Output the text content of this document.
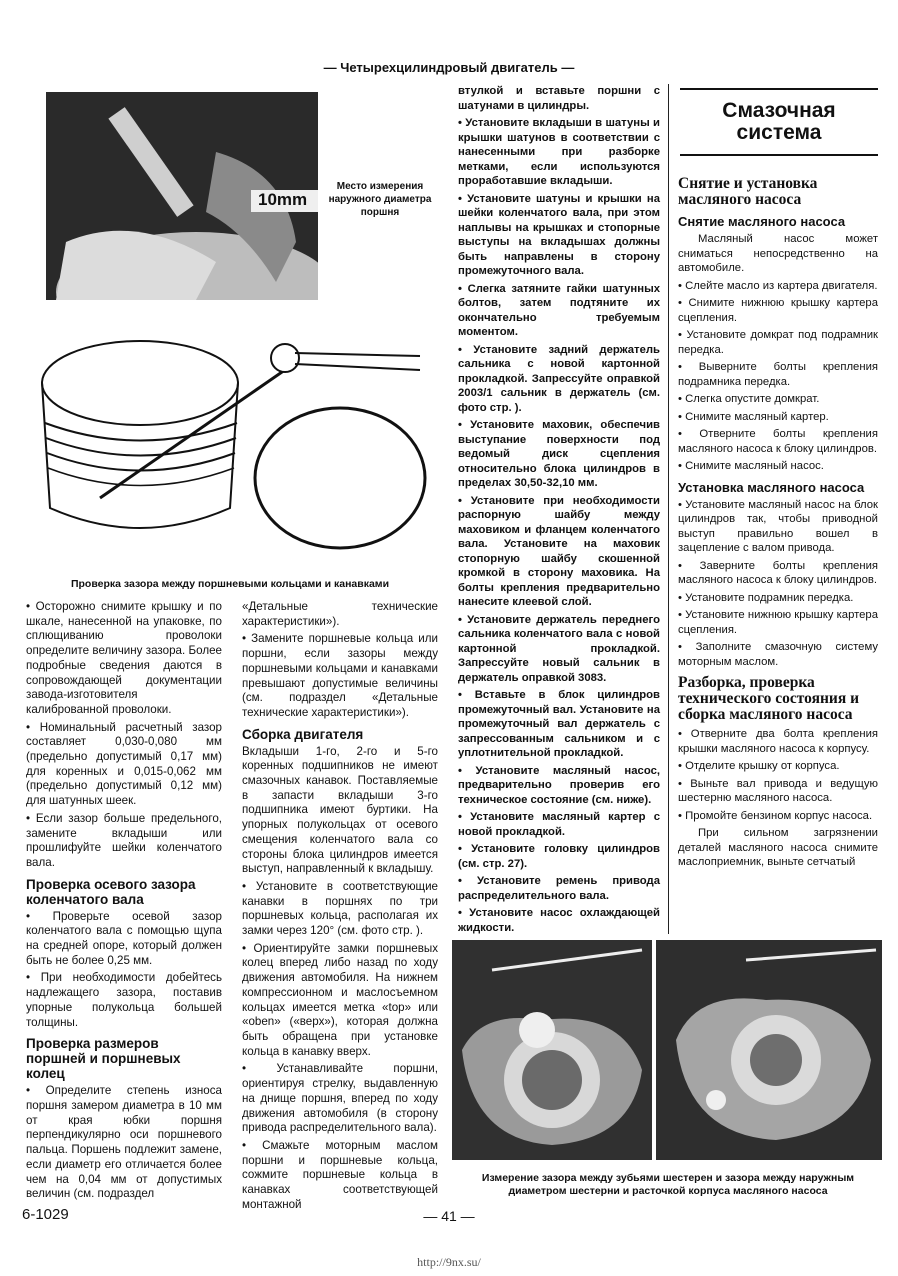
— Четырехцилиндровый двигатель —
10mm
Место измерения наружного диаметра поршня
Проверка зазора между поршневыми кольцами и канавками

• Осторожно снимите крышку и по шкале, нанесенной на упаковке, по сплющиванию проволоки определите величину зазора. Более подробные сведения даются в сопровождающей документации завода-изготовителя калиброванной проволоки.

• Номинальный расчетный зазор составляет 0,030-0,080 мм (предельно допустимый 0,17 мм) для коренных и 0,015-0,062 мм (предельно допустимый 0,12 мм) для шатунных шеек.

• Если зазор больше предельного, замените вкладыши или прошлифуйте шейки коленчатого вала.

Проверка осевого зазора коленчатого вала

• Проверьте осевой зазор коленчатого вала с помощью щупа на средней опоре, который должен быть не более 0,25 мм.

• При необходимости добейтесь надлежащего зазора, поставив упорные полукольца большей толщины.

Проверка размеров поршней и поршневых колец

• Определите степень износа поршня замером диаметра в 10 мм от края юбки поршня перпендикулярно оси поршневого пальца. Поршень подлежит замене, если диаметр его отличается более чем на 0,04 мм от допустимых величин (см. подраздел

«Детальные технические характеристики»).

• Замените поршневые кольца или поршни, если зазоры между поршневыми кольцами и канавками превышают допустимые величины (см. подраздел «Детальные технические характеристики»).

Сборка двигателя

Вкладыши 1-го, 2-го и 5-го коренных подшипников не имеют смазочных канавок. Поставляемые в запасти вкладыши 3-го подшипника имеют буртики. На упорных полукольцах от осевого смещения коленчатого вала со стороны блока цилиндров имеется выступ, направленный к вкладышу.

• Установите в соответствующие канавки в поршнях по три поршневых кольца, располагая их замки через 120° (см. фото стр. ).

• Ориентируйте замки поршневых колец вперед либо назад по ходу движения автомобиля. На нижнем компрессионном и маслосъемном кольцах имеется метка «top» или «oben» («верх»), которая должна быть обращена при установке кольца в канавку вверх.

• Устанавливайте поршни, ориентируя стрелку, выдавленную на днище поршня, вперед по ходу движения автомобиля (в сторону привода распределительного вала).

• Смажьте моторным маслом поршни и поршневые кольца, сожмите поршневые кольца в канавках соответствующей монтажной

втулкой и вставьте поршни с шатунами в цилиндры.

• Установите вкладыши в шатуны и крышки шатунов в соответствии с нанесенными при разборке метками, если используются проработавшие вкладыши.

• Установите шатуны и крышки на шейки коленчатого вала, при этом наплывы на крышках и стопорные выступы на вкладышах должны быть направлены в сторону промежуточного вала.

• Слегка затяните гайки шатунных болтов, затем подтяните их окончательно требуемым моментом.

• Установите задний держатель сальника с новой картонной прокладкой. Запрессуйте оправкой 2003/1 сальник в держатель (см. фото стр. ).

• Установите маховик, обеспечив выступание поверхности под ведомый диск сцепления относительно блока цилиндров в пределах 30,50-32,10 мм.

• Установите при необходимости распорную шайбу между маховиком и фланцем коленчатого вала. Установите на маховик стопорную шайбу скошенной кромкой в сторону маховика. На болты крепления предварительно нанесите клеевой слой.

• Установите держатель переднего сальника коленчатого вала с новой картонной прокладкой. Запрессуйте новый сальник в держатель оправкой 3083.

• Вставьте в блок цилиндров промежуточный вал. Установите на промежуточный вал держатель с запрессованным сальником и с уплотнительной прокладкой.

• Установите масляный насос, предварительно проверив его техническое состояние (см. ниже).

• Установите масляный картер с новой прокладкой.

• Установите головку цилиндров (см. стр. 27).

• Установите ремень привода распределительного вала.

• Установите насос охлаждающей жидкости.

Смазочная система
Снятие и установка масляного насоса
Снятие масляного насоса

Масляный насос может сниматься непосредственно на автомобиле.

• Слейте масло из картера двигателя.

• Снимите нижнюю крышку картера сцепления.

• Установите домкрат под подрамник передка.

• Выверните болты крепления подрамника передка.

• Слегка опустите домкрат.

• Снимите масляный картер.

• Отверните болты крепления масляного насоса к блоку цилиндров.

• Снимите масляный насос.

Установка масляного насоса

• Установите масляный насос на блок цилиндров так, чтобы приводной выступ правильно вошел в зацепление с валом привода.

• Заверните болты крепления масляного насоса к блоку цилиндров.

• Установите подрамник передка.

• Установите нижнюю крышку картера сцепления.

• Заполните смазочную систему моторным маслом.

Разборка, проверка технического состояния и сборка масляного насоса

• Отверните два болта крепления крышки масляного насоса к корпусу.

• Отделите крышку от корпуса.

• Выньте вал привода и ведущую шестерню масляного насоса.

• Промойте бензином корпус насоса.

При сильном загрязнении деталей масляного насоса снимите маслоприемник, выньте сетчатый

Измерение зазора между зубьями шестерен и зазора между наружным диаметром шестерни и расточкой корпуса масляного насоса
6-1029	— 41 —
http://9nx.su/
